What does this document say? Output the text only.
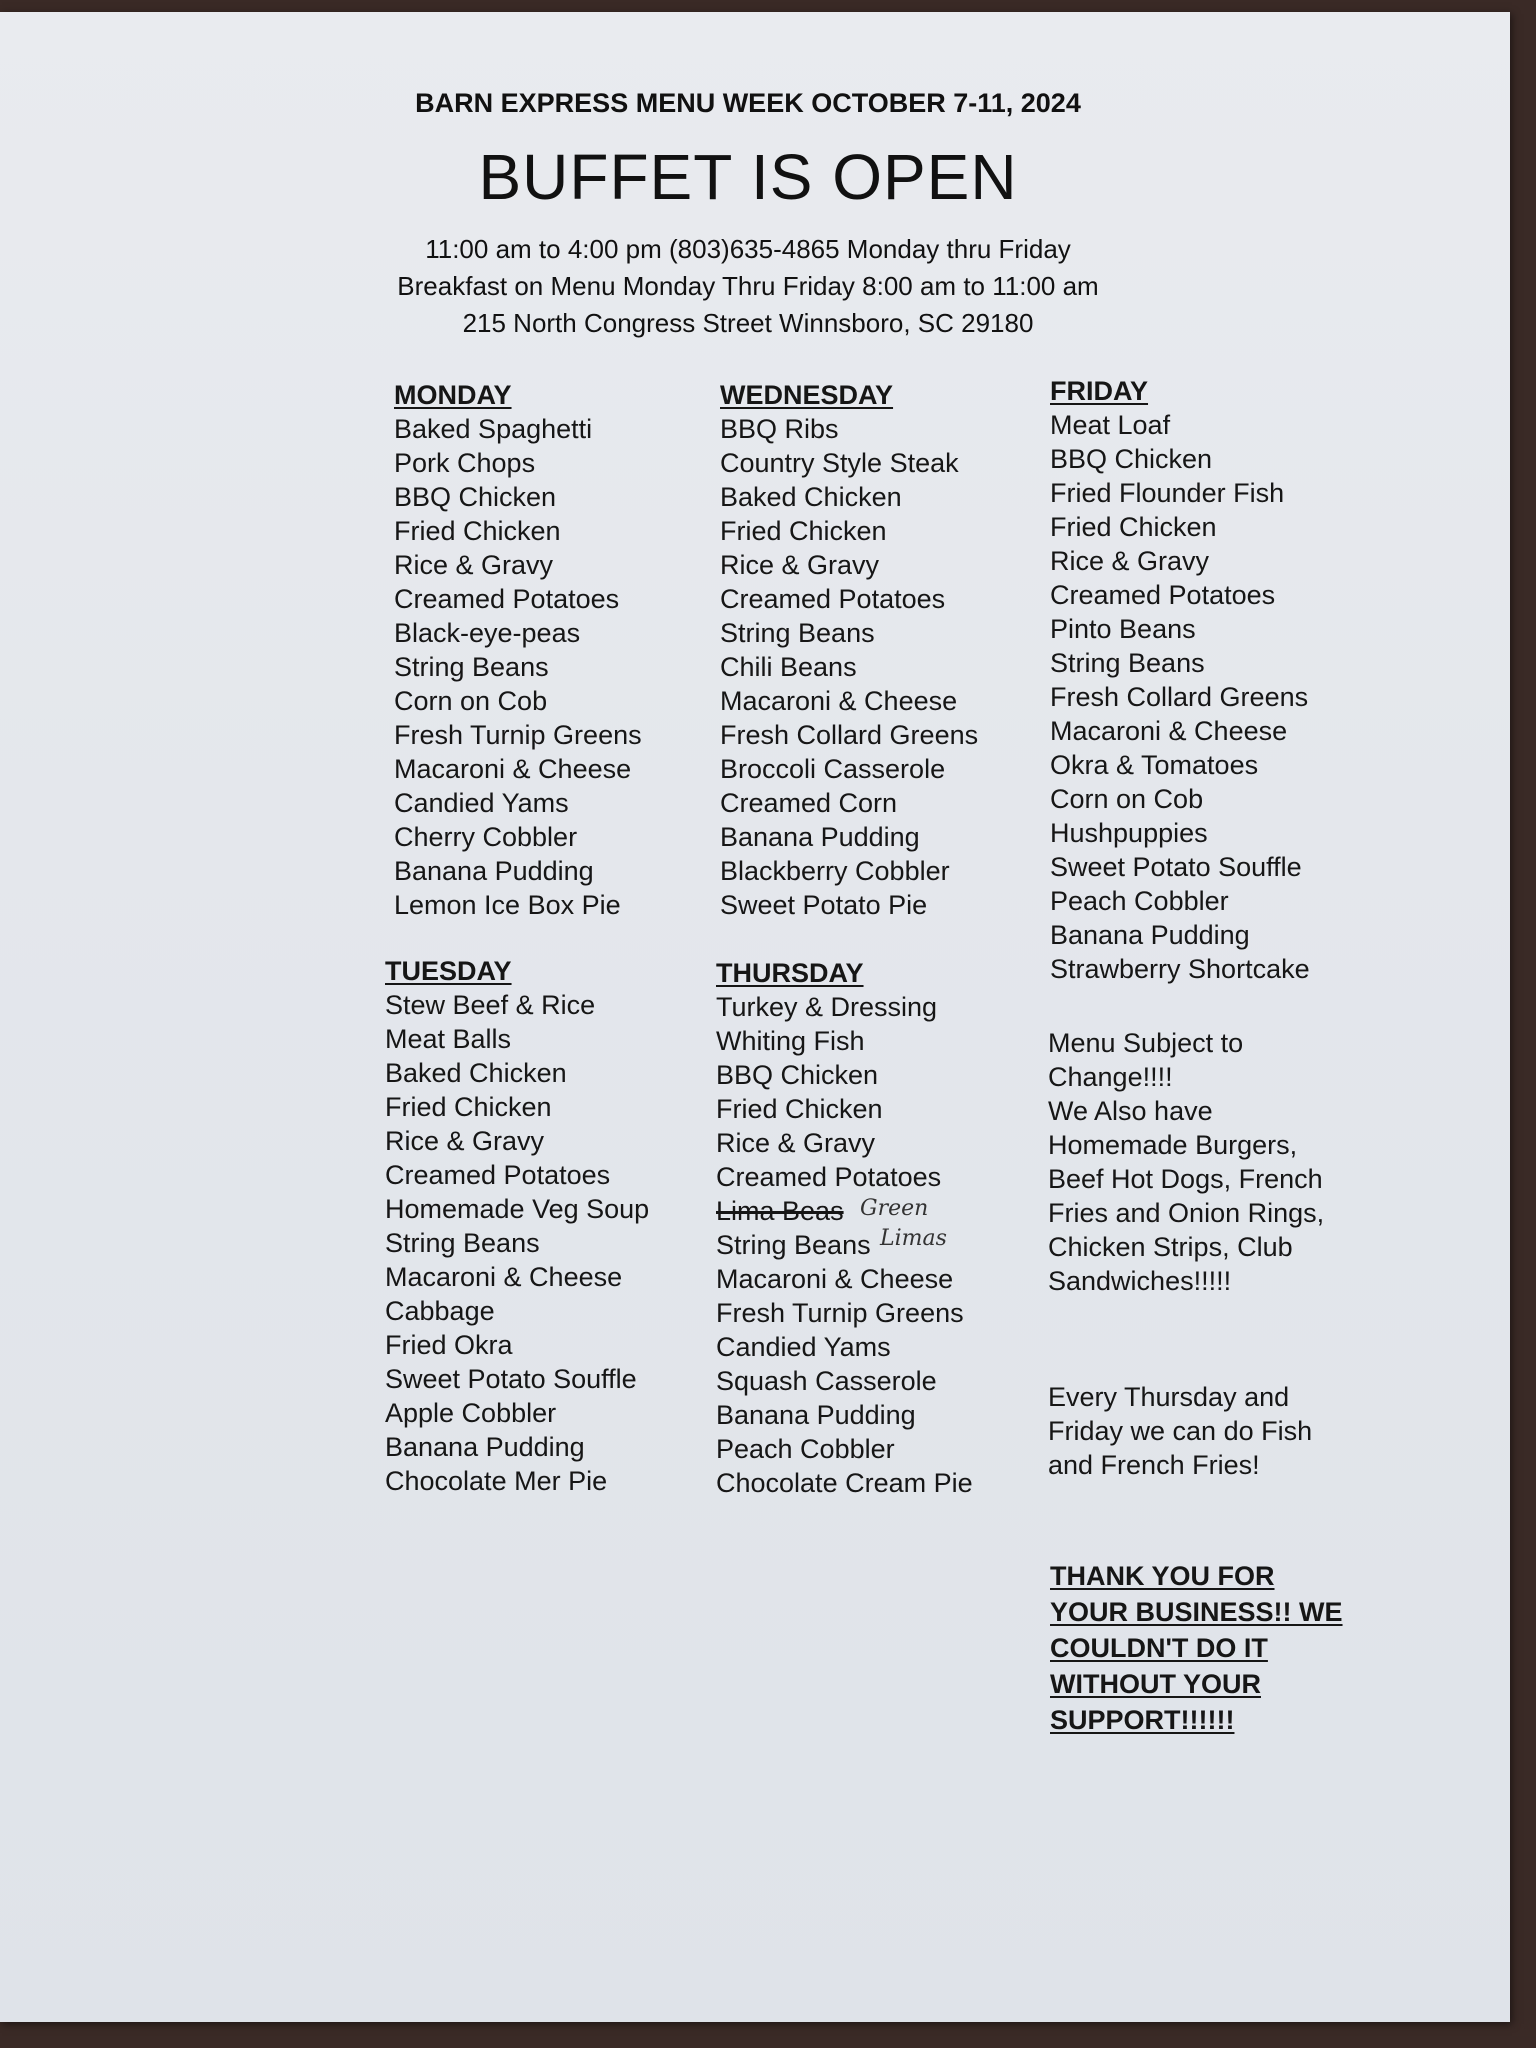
BARN EXPRESS MENU WEEK OCTOBER 7-11, 2024
BUFFET IS OPEN
11:00 am to 4:00 pm (803)635-4865 Monday thru Friday
Breakfast on Menu Monday Thru Friday 8:00 am to 11:00 am
215 North Congress Street Winnsboro, SC 29180
MONDAY
Baked Spaghetti
Pork Chops
BBQ Chicken
Fried Chicken
Rice & Gravy
Creamed Potatoes
Black-eye-peas
String Beans
Corn on Cob
Fresh Turnip Greens
Macaroni & Cheese
Candied Yams
Cherry Cobbler
Banana Pudding
Lemon Ice Box Pie
TUESDAY
Stew Beef & Rice
Meat Balls
Baked Chicken
Fried Chicken
Rice & Gravy
Creamed Potatoes
Homemade Veg Soup
String Beans
Macaroni & Cheese
Cabbage
Fried Okra
Sweet Potato Souffle
Apple Cobbler
Banana Pudding
Chocolate Mer Pie
WEDNESDAY
BBQ Ribs
Country Style Steak
Baked Chicken
Fried Chicken
Rice & Gravy
Creamed Potatoes
String Beans
Chili Beans
Macaroni & Cheese
Fresh Collard Greens
Broccoli Casserole
Creamed Corn
Banana Pudding
Blackberry Cobbler
Sweet Potato Pie
THURSDAY
Turkey & Dressing
Whiting Fish
BBQ Chicken
Fried Chicken
Rice & Gravy
Creamed Potatoes
Lima Beas
String Beans
Macaroni & Cheese
Fresh Turnip Greens
Candied Yams
Squash Casserole
Banana Pudding
Peach Cobbler
Chocolate Cream Pie
Green
Limas
FRIDAY
Meat Loaf
BBQ Chicken
Fried Flounder Fish
Fried Chicken
Rice & Gravy
Creamed Potatoes
Pinto Beans
String Beans
Fresh Collard Greens
Macaroni & Cheese
Okra & Tomatoes
Corn on Cob
Hushpuppies
Sweet Potato Souffle
Peach Cobbler
Banana Pudding
Strawberry Shortcake
Menu Subject to Change!!!!
We Also have Homemade Burgers, Beef Hot Dogs, French Fries and Onion Rings, Chicken Strips, Club Sandwiches!!!!!
Every Thursday and Friday we can do Fish and French Fries!
THANK YOU FOR YOUR BUSINESS!! WE COULDN'T DO IT WITHOUT YOUR SUPPORT!!!!!!
